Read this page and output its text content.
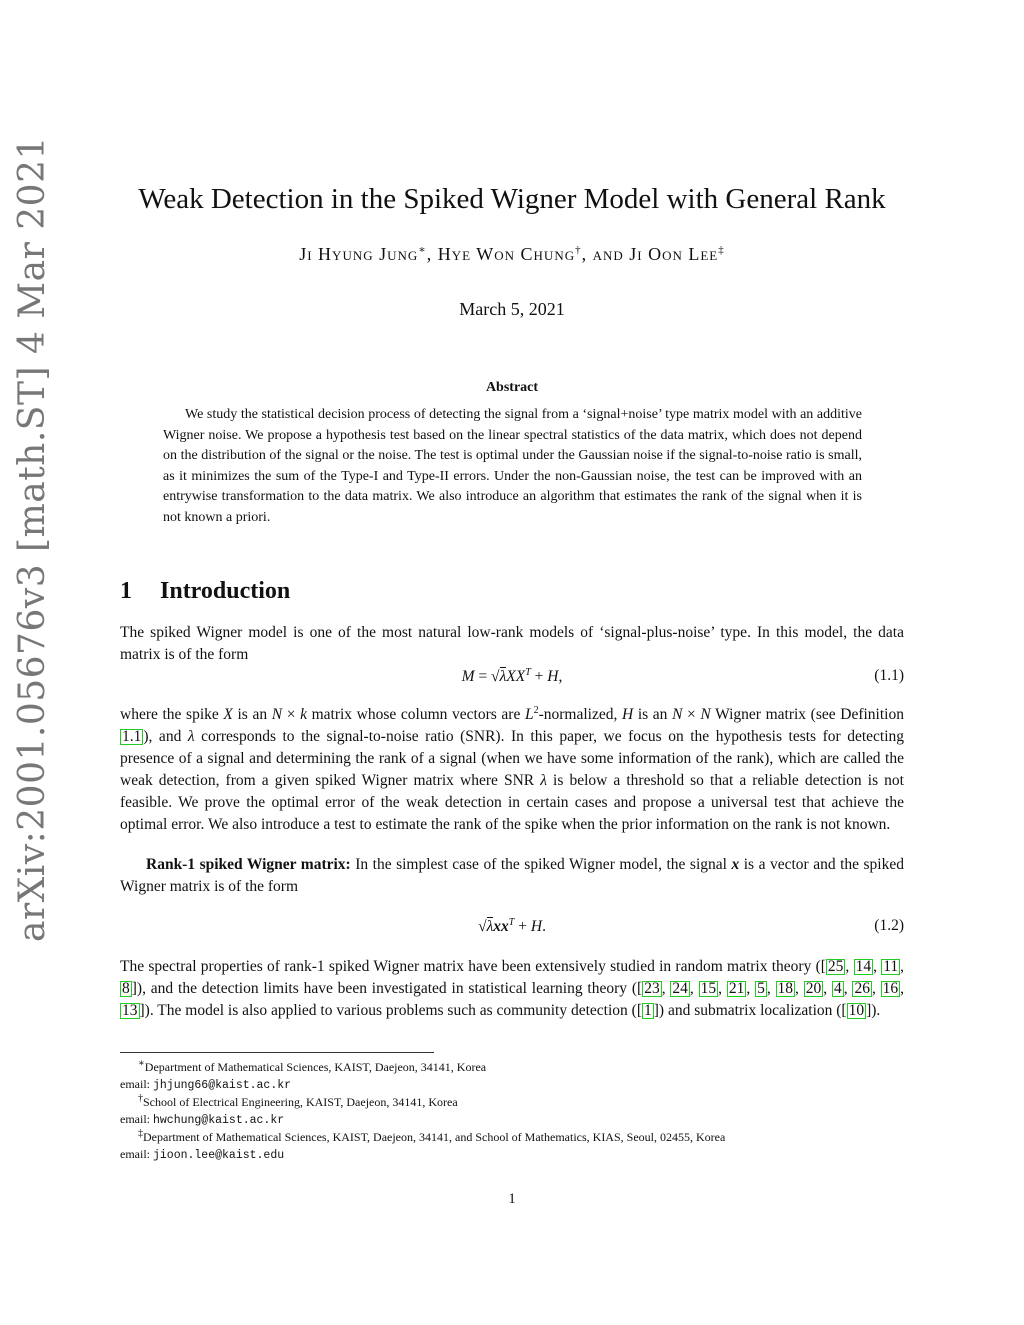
arXiv:2001.05676v3 [math.ST] 4 Mar 2021	Weak Detection in the Spiked Wigner Model with General Rank
Ji Hyung Jung∗, Hye Won Chung†, and Ji Oon Lee‡
March 5, 2021
Abstract
We study the statistical decision process of detecting the signal from a ‘signal+noise’ type matrix model with an additive Wigner noise. We propose a hypothesis test based on the linear spectral statistics of the data matrix, which does not depend on the distribution of the signal or the noise. The test is optimal under the Gaussian noise if the signal-to-noise ratio is small, as it minimizes the sum of the Type-I and Type-II errors. Under the non-Gaussian noise, the test can be improved with an entrywise transformation to the data matrix. We also introduce an algorithm that estimates the rank of the signal when it is not known a priori.
1 Introduction
The spiked Wigner model is one of the most natural low-rank models of ‘signal-plus-noise’ type. In this model, the data matrix is of the form
M = √λXX$^T$ + H,	(1.1)
where the spike X is an N × k matrix whose column vectors are $L^2$-normalized, H is an N × N Wigner matrix (see Definition 1.1 ), and λ corresponds to the signal-to-noise ratio (SNR). In this paper, we focus on the hypothesis tests for detecting presence of a signal and determining the rank of a signal (when we have some information of the rank), which are called the weak detection, from a given spiked Wigner matrix where SNR λ is below a threshold so that a reliable detection is not feasible. We prove the optimal error of the weak detection in certain cases and propose a universal test that achieve the optimal error. We also introduce a test to estimate the rank of the spike when the prior information on the rank is not known.
Rank-1 spiked Wigner matrix: In the simplest case of the spiked Wigner model, the signal x is a vector and the spiked Wigner matrix is of the form
√λxx$^T$ + H.	(1.2)
The spectral properties of rank-1 spiked Wigner matrix have been extensively studied in random matrix theory ([ 25 , 14 , 11 , 8 ]), and the detection limits have been investigated in statistical learning theory ([ 23 , 24 , 15 , 21 , 5 , 18 , 20 , 4 , 26 , 16 , 13 ]). The model is also applied to various problems such as community detection ([ 1 ]) and submatrix localization ([ 10 ]).
∗Department of Mathematical Sciences, KAIST, Daejeon, 34141, Korea
email: jhjung66@kaist.ac.kr
†School of Electrical Engineering, KAIST, Daejeon, 34141, Korea
email: hwchung@kaist.ac.kr
‡Department of Mathematical Sciences, KAIST, Daejeon, 34141, and School of Mathematics, KIAS, Seoul, 02455, Korea
email: jioon.lee@kaist.edu
1
